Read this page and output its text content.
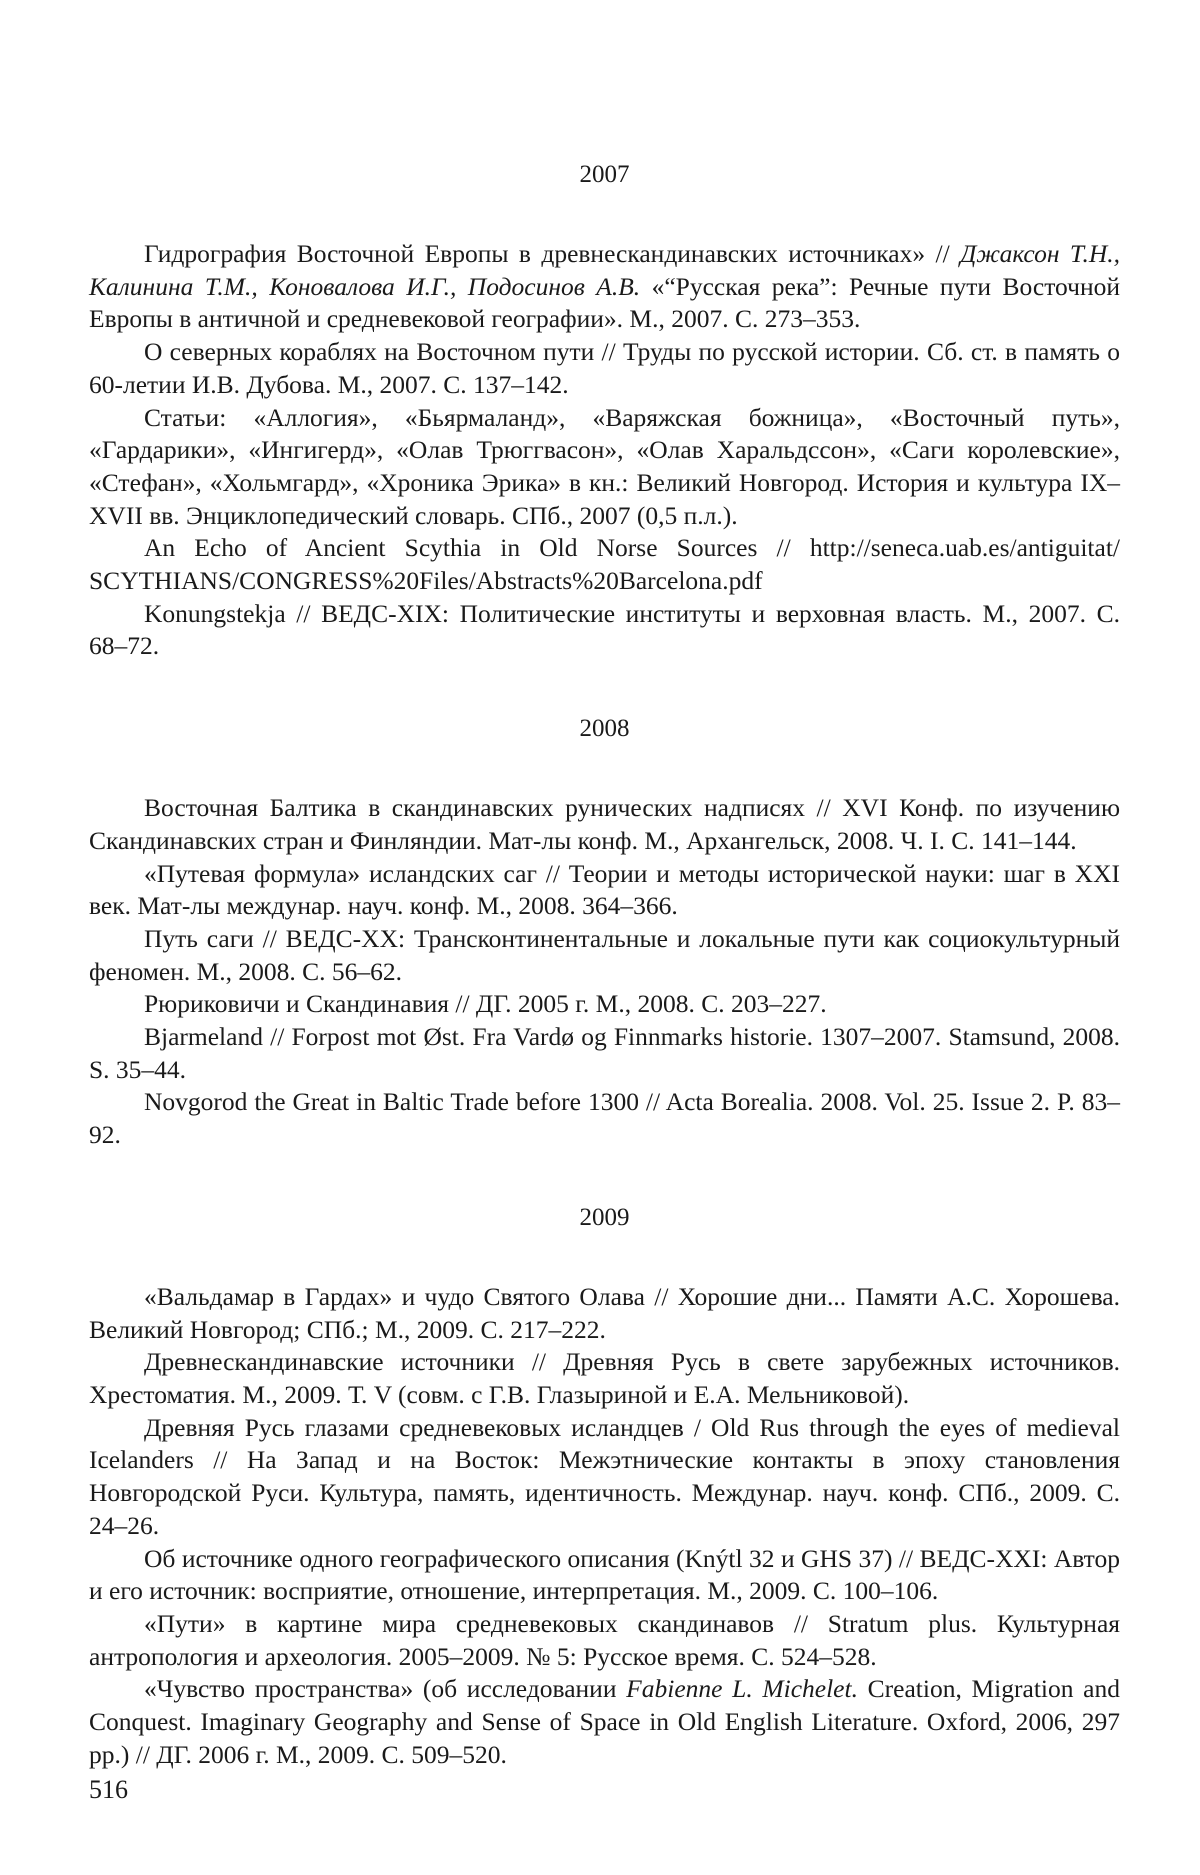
2007

Гидрография Восточной Европы в древнескандинавских источниках» // Джаксон Т.Н., Калинина Т.М., Коновалова И.Г., Подосинов А.В. «“Русская река”: Речные пути Восточной Европы в античной и средневековой географии». М., 2007. С. 273–353.

О северных кораблях на Восточном пути // Труды по русской истории. Сб. ст. в память о 60-летии И.В. Дубова. М., 2007. С. 137–142.

Статьи: «Аллогия», «Бьярмаланд», «Варяжская божница», «Восточный путь», «Гардарики», «Ингигерд», «Олав Трюггвасон», «Олав Харальдссон», «Саги королевские», «Стефан», «Хольмгард», «Хроника Эрика» в кн.: Великий Новгород. История и культура IX–XVII вв. Энциклопедический словарь. СПб., 2007 (0,5 п.л.).

An Echo of Ancient Scythia in Old Norse Sources // http://seneca.uab.es/antiguitat/ SCYTHIANS/CONGRESS%20Files/Abstracts%20Barcelona.pdf

Konungstekja // ВЕДС-XIX: Политические институты и верховная власть. М., 2007. С. 68–72.

2008

Восточная Балтика в скандинавских рунических надписях // XVI Конф. по изучению Скандинавских стран и Финляндии. Мат-лы конф. М., Архангельск, 2008. Ч. I. С. 141–144.

«Путевая формула» исландских саг // Теории и методы исторической науки: шаг в XXI век. Мат-лы междунар. науч. конф. М., 2008. 364–366.

Путь саги // ВЕДС-XX: Трансконтинентальные и локальные пути как социокультурный феномен. М., 2008. С. 56–62.

Рюриковичи и Скандинавия // ДГ. 2005 г. М., 2008. С. 203–227.

Bjarmeland // Forpost mot Øst. Fra Vardø og Finnmarks historie. 1307–2007. Stamsund, 2008. S. 35–44.

Novgorod the Great in Baltic Trade before 1300 // Acta Borealia. 2008. Vol. 25. Issue 2. P. 83–92.

2009

«Вальдамар в Гардах» и чудо Святого Олава // Хорошие дни... Памяти А.С. Хорошева. Великий Новгород; СПб.; М., 2009. С. 217–222.

Древнескандинавские источники // Древняя Русь в свете зарубежных источников. Хрестоматия. М., 2009. Т. V (совм. с Г.В. Глазыриной и Е.А. Мельниковой).

Древняя Русь глазами средневековых исландцев / Old Rus through the eyes of medieval Icelanders // На Запад и на Восток: Межэтнические контакты в эпоху становления Новгородской Руси. Культура, память, идентичность. Междунар. науч. конф. СПб., 2009. С. 24–26.

Об источнике одного географического описания (Knýtl 32 и GHS 37) // ВЕДС-XXI: Автор и его источник: восприятие, отношение, интерпретация. М., 2009. С. 100–106.

«Пути» в картине мира средневековых скандинавов // Stratum plus. Культурная антропология и археология. 2005–2009. № 5: Русское время. С. 524–528.

«Чувство пространства» (об исследовании Fabienne L. Michelet. Creation, Migration and Conquest. Imaginary Geography and Sense of Space in Old English Literature. Oxford, 2006, 297 pp.) // ДГ. 2006 г. М., 2009. С. 509–520.

516
